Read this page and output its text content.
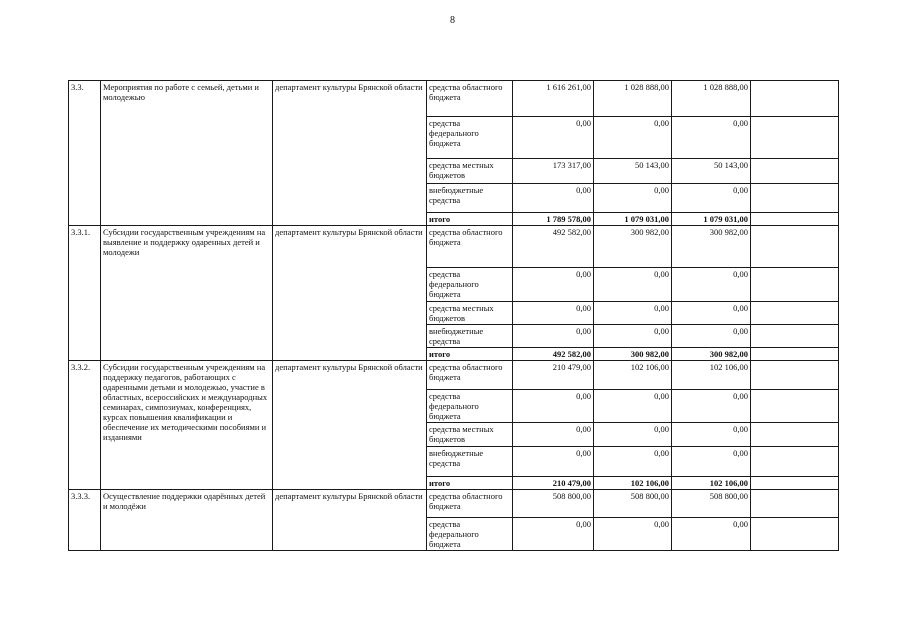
8
3.3.	Мероприятия по работе с семьей, детьми и молодежью	департамент культуры Брянской области	средства областного бюджета	1 616 261,00	1 028 888,00	1 028 888,00	
			средства федерального бюджета	0,00	0,00	0,00	
			средства местных бюджетов	173 317,00	50 143,00	50 143,00	
			внебюджетные средства	0,00	0,00	0,00	
			итого	1 789 578,00	1 079 031,00	1 079 031,00	
3.3.1.	Субсидии государственным учреждениям на выявление и поддержку одаренных детей и молодежи	департамент культуры Брянской области	средства областного бюджета	492 582,00	300 982,00	300 982,00	
			средства федерального бюджета	0,00	0,00	0,00	
			средства местных бюджетов	0,00	0,00	0,00	
			внебюджетные средства	0,00	0,00	0,00	
			итого	492 582,00	300 982,00	300 982,00	
3.3.2.	Субсидии государственным учреждениям на поддержку педагогов, работающих с одаренными детьми и молодежью, участие в областных, всероссийских и международных семинарах, симпозиумах, конференциях, курсах повышения квалификации и обеспечение их методическими пособиями и изданиями	департамент культуры Брянской области	средства областного бюджета	210 479,00	102 106,00	102 106,00	
			средства федерального бюджета	0,00	0,00	0,00	
			средства местных бюджетов	0,00	0,00	0,00	
			внебюджетные средства	0,00	0,00	0,00	
			итого	210 479,00	102 106,00	102 106,00	
3.3.3.	Осуществление поддержки одарённых детей и молодёжи	департамент культуры Брянской области	средства областного бюджета	508 800,00	508 800,00	508 800,00	
			средства федерального бюджета	0,00	0,00	0,00	
